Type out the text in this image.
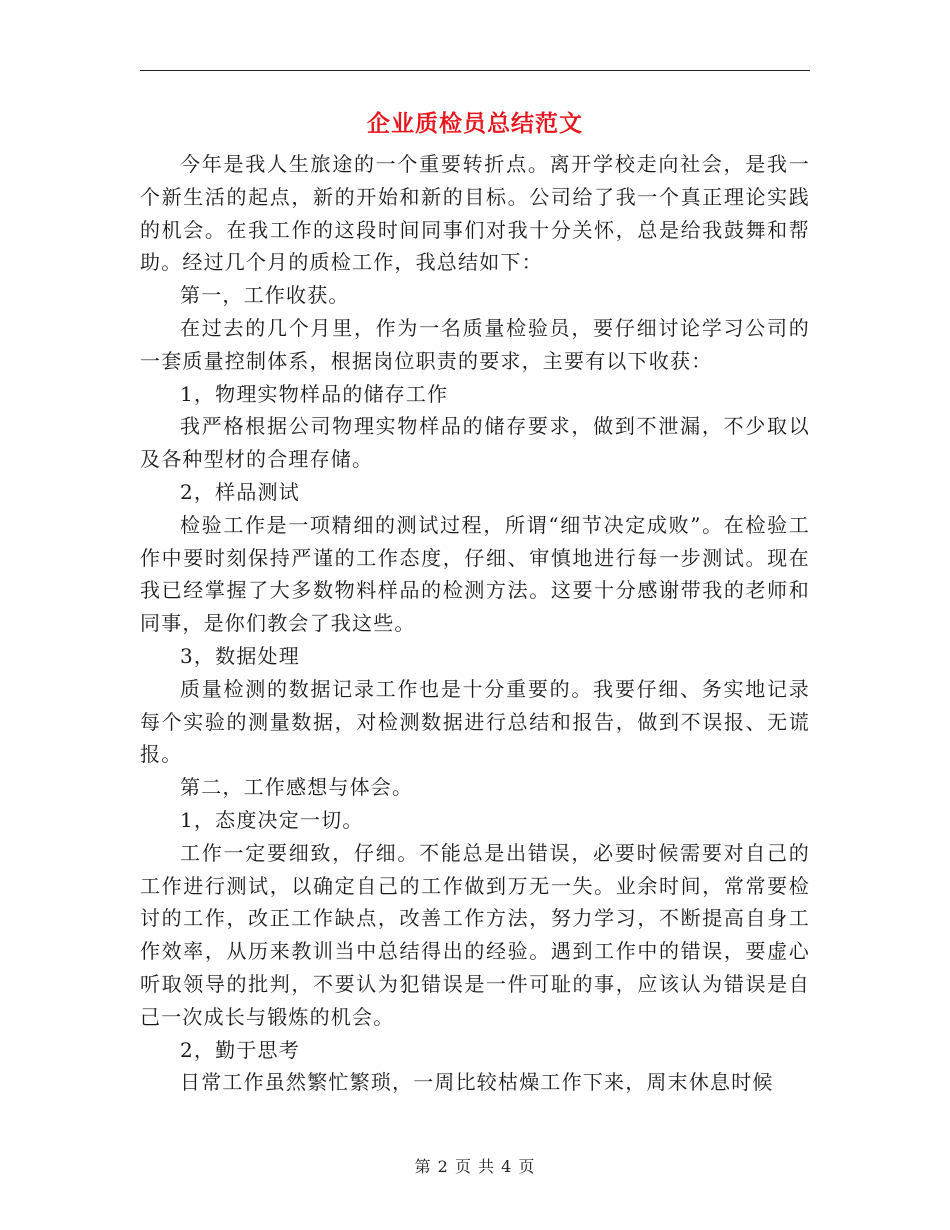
企业质检员总结范文

今年是我人生旅途的一个重要转折点。离开学校走向社会，是我一个新生活的起点，新的开始和新的目标。公司给了我一个真正理论实践的机会。在我工作的这段时间同事们对我十分关怀，总是给我鼓舞和帮助。经过几个月的质检工作，我总结如下：

第一，工作收获。

在过去的几个月里，作为一名质量检验员，要仔细讨论学习公司的一套质量控制体系，根据岗位职责的要求，主要有以下收获：

1，物理实物样品的储存工作

我严格根据公司物理实物样品的储存要求，做到不泄漏，不少取以及各种型材的合理存储。

2，样品测试

检验工作是一项精细的测试过程，所谓“细节决定成败”。在检验工作中要时刻保持严谨的工作态度，仔细、审慎地进行每一步测试。现在我已经掌握了大多数物料样品的检测方法。这要十分感谢带我的老师和同事，是你们教会了我这些。

3，数据处理

质量检测的数据记录工作也是十分重要的。我要仔细、务实地记录每个实验的测量数据，对检测数据进行总结和报告，做到不误报、无谎报。

第二，工作感想与体会。

1，态度决定一切。

工作一定要细致，仔细。不能总是出错误，必要时候需要对自己的工作进行测试，以确定自己的工作做到万无一失。业余时间，常常要检讨的工作，改正工作缺点，改善工作方法，努力学习，不断提高自身工作效率，从历来教训当中总结得出的经验。遇到工作中的错误，要虚心听取领导的批判，不要认为犯错误是一件可耻的事，应该认为错误是自己一次成长与锻炼的机会。

2，勤于思考

日常工作虽然繁忙繁琐，一周比较枯燥工作下来，周末休息时候

第 2 页 共 4 页
